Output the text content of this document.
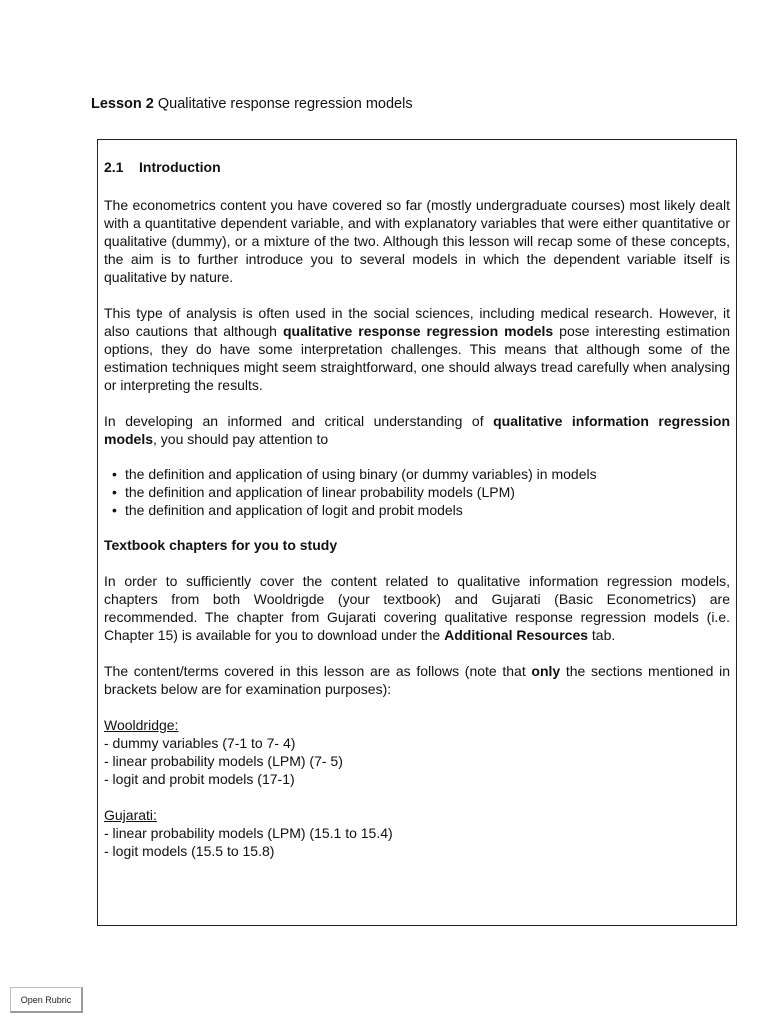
Lesson 2 Qualitative response regression models

2.1 Introduction

The econometrics content you have covered so far (mostly undergraduate courses) most likely dealt with a quantitative dependent variable, and with explanatory variables that were either quantitative or qualitative (dummy), or a mixture of the two. Although this lesson will recap some of these concepts, the aim is to further introduce you to several models in which the dependent variable itself is qualitative by nature.

This type of analysis is often used in the social sciences, including medical research. However, it also cautions that although qualitative response regression models pose interesting estimation options, they do have some interpretation challenges. This means that although some of the estimation techniques might seem straightforward, one should always tread carefully when analysing or interpreting the results.

In developing an informed and critical understanding of qualitative information regression models, you should pay attention to

• the definition and application of using binary (or dummy variables) in models
• the definition and application of linear probability models (LPM)
• the definition and application of logit and probit models

Textbook chapters for you to study

In order to sufficiently cover the content related to qualitative information regression models, chapters from both Wooldrigde (your textbook) and Gujarati (Basic Econometrics) are recommended. The chapter from Gujarati covering qualitative response regression models (i.e. Chapter 15) is available for you to download under the Additional Resources tab.

The content/terms covered in this lesson are as follows (note that only the sections mentioned in brackets below are for examination purposes):

Wooldridge:

- dummy variables (7-1 to 7- 4)
- linear probability models (LPM) (7- 5)
- logit and probit models (17-1)

Gujarati:

- linear probability models (LPM) (15.1 to 15.4)
- logit models (15.5 to 15.8)
Open Rubric
